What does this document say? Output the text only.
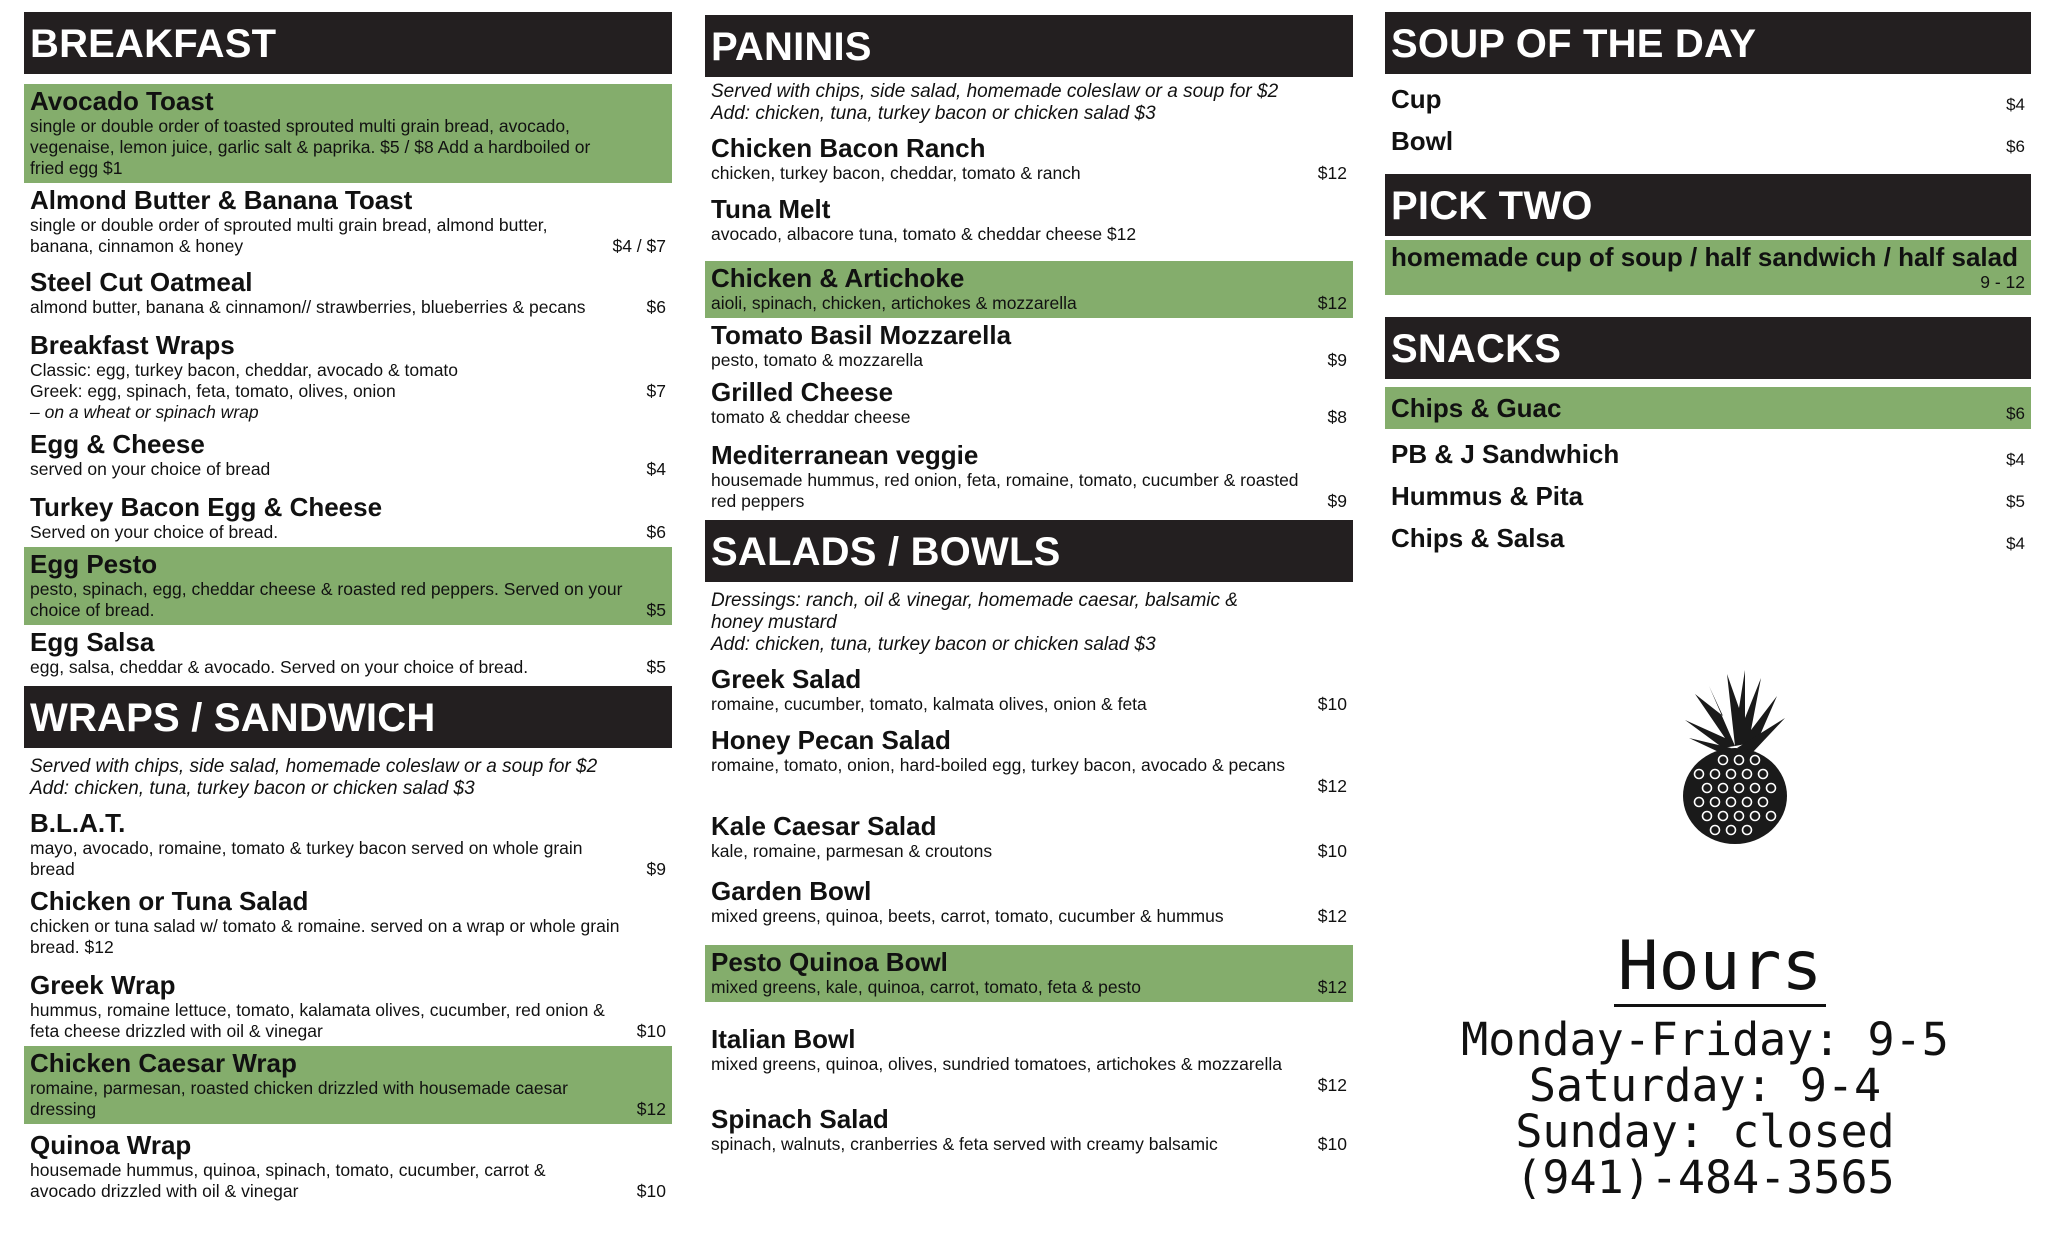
BREAKFAST
Avocado Toast
single or double order of toasted sprouted multi grain bread, avocado, vegenaise, lemon juice, garlic salt & paprika. $5 / $8 Add a hardboiled or fried egg $1
Almond Butter & Banana Toast
single or double order of sprouted multi grain bread, almond butter, banana, cinnamon & honey	$4 / $7
Steel Cut Oatmeal
almond butter, banana & cinnamon// strawberries, blueberries & pecans	$6
Breakfast Wraps
Classic: egg, turkey bacon, cheddar, avocado & tomato
Greek: egg, spinach, feta, tomato, olives, onion	$7
– on a wheat or spinach wrap
Egg & Cheese
served on your choice of bread	$4
Turkey Bacon Egg & Cheese
Served on your choice of bread.	$6
Egg Pesto
pesto, spinach, egg, cheddar cheese & roasted red peppers. Served on your choice of bread.	$5
Egg Salsa
egg, salsa, cheddar & avocado. Served on your choice of bread.	$5
WRAPS / SANDWICH
Served with chips, side salad, homemade coleslaw or a soup for $2
Add: chicken, tuna, turkey bacon or chicken salad $3
B.L.A.T.
mayo, avocado, romaine, tomato & turkey bacon served on whole grain bread	$9
Chicken or Tuna Salad
chicken or tuna salad w/ tomato & romaine. served on a wrap or whole grain bread. $12
Greek Wrap
hummus, romaine lettuce, tomato, kalamata olives, cucumber, red onion & feta cheese drizzled with oil & vinegar	$10
Chicken Caesar Wrap
romaine, parmesan, roasted chicken drizzled with housemade caesar dressing	$12
Quinoa Wrap
housemade hummus, quinoa, spinach, tomato, cucumber, carrot & avocado drizzled with oil & vinegar	$10
PANINIS
Served with chips, side salad, homemade coleslaw or a soup for $2
Add: chicken, tuna, turkey bacon or chicken salad $3
Chicken Bacon Ranch
chicken, turkey bacon, cheddar, tomato & ranch	$12
Tuna Melt
avocado, albacore tuna, tomato & cheddar cheese $12
Chicken & Artichoke
aioli, spinach, chicken, artichokes & mozzarella	$12
Tomato Basil Mozzarella
pesto, tomato & mozzarella	$9
Grilled Cheese
tomato & cheddar cheese	$8
Mediterranean veggie
housemade hummus, red onion, feta, romaine, tomato, cucumber & roasted red peppers	$9
SALADS / BOWLS
Dressings: ranch, oil & vinegar, homemade caesar, balsamic & honey mustard
Add: chicken, tuna, turkey bacon or chicken salad $3
Greek Salad
romaine, cucumber, tomato, kalmata olives, onion & feta	$10
Honey Pecan Salad
romaine, tomato, onion, hard-boiled egg, turkey bacon, avocado & pecans
$12
Kale Caesar Salad
kale, romaine, parmesan & croutons	$10
Garden Bowl
mixed greens, quinoa, beets, carrot, tomato, cucumber & hummus	$12
Pesto Quinoa Bowl
mixed greens, kale, quinoa, carrot, tomato, feta & pesto	$12
Italian Bowl
mixed greens, quinoa, olives, sundried tomatoes, artichokes & mozzarella
$12
Spinach Salad
spinach, walnuts, cranberries & feta served with creamy balsamic	$10
SOUP OF THE DAY
Cup	$4
Bowl	$6
PICK TWO
homemade cup of soup / half sandwich / half salad
9 - 12
SNACKS
Chips & Guac	$6
PB & J Sandwhich	$4
Hummus & Pita	$5
Chips & Salsa	$4
Hours
Monday-Friday: 9-5
Saturday: 9-4
Sunday: closed
(941)-484-3565
